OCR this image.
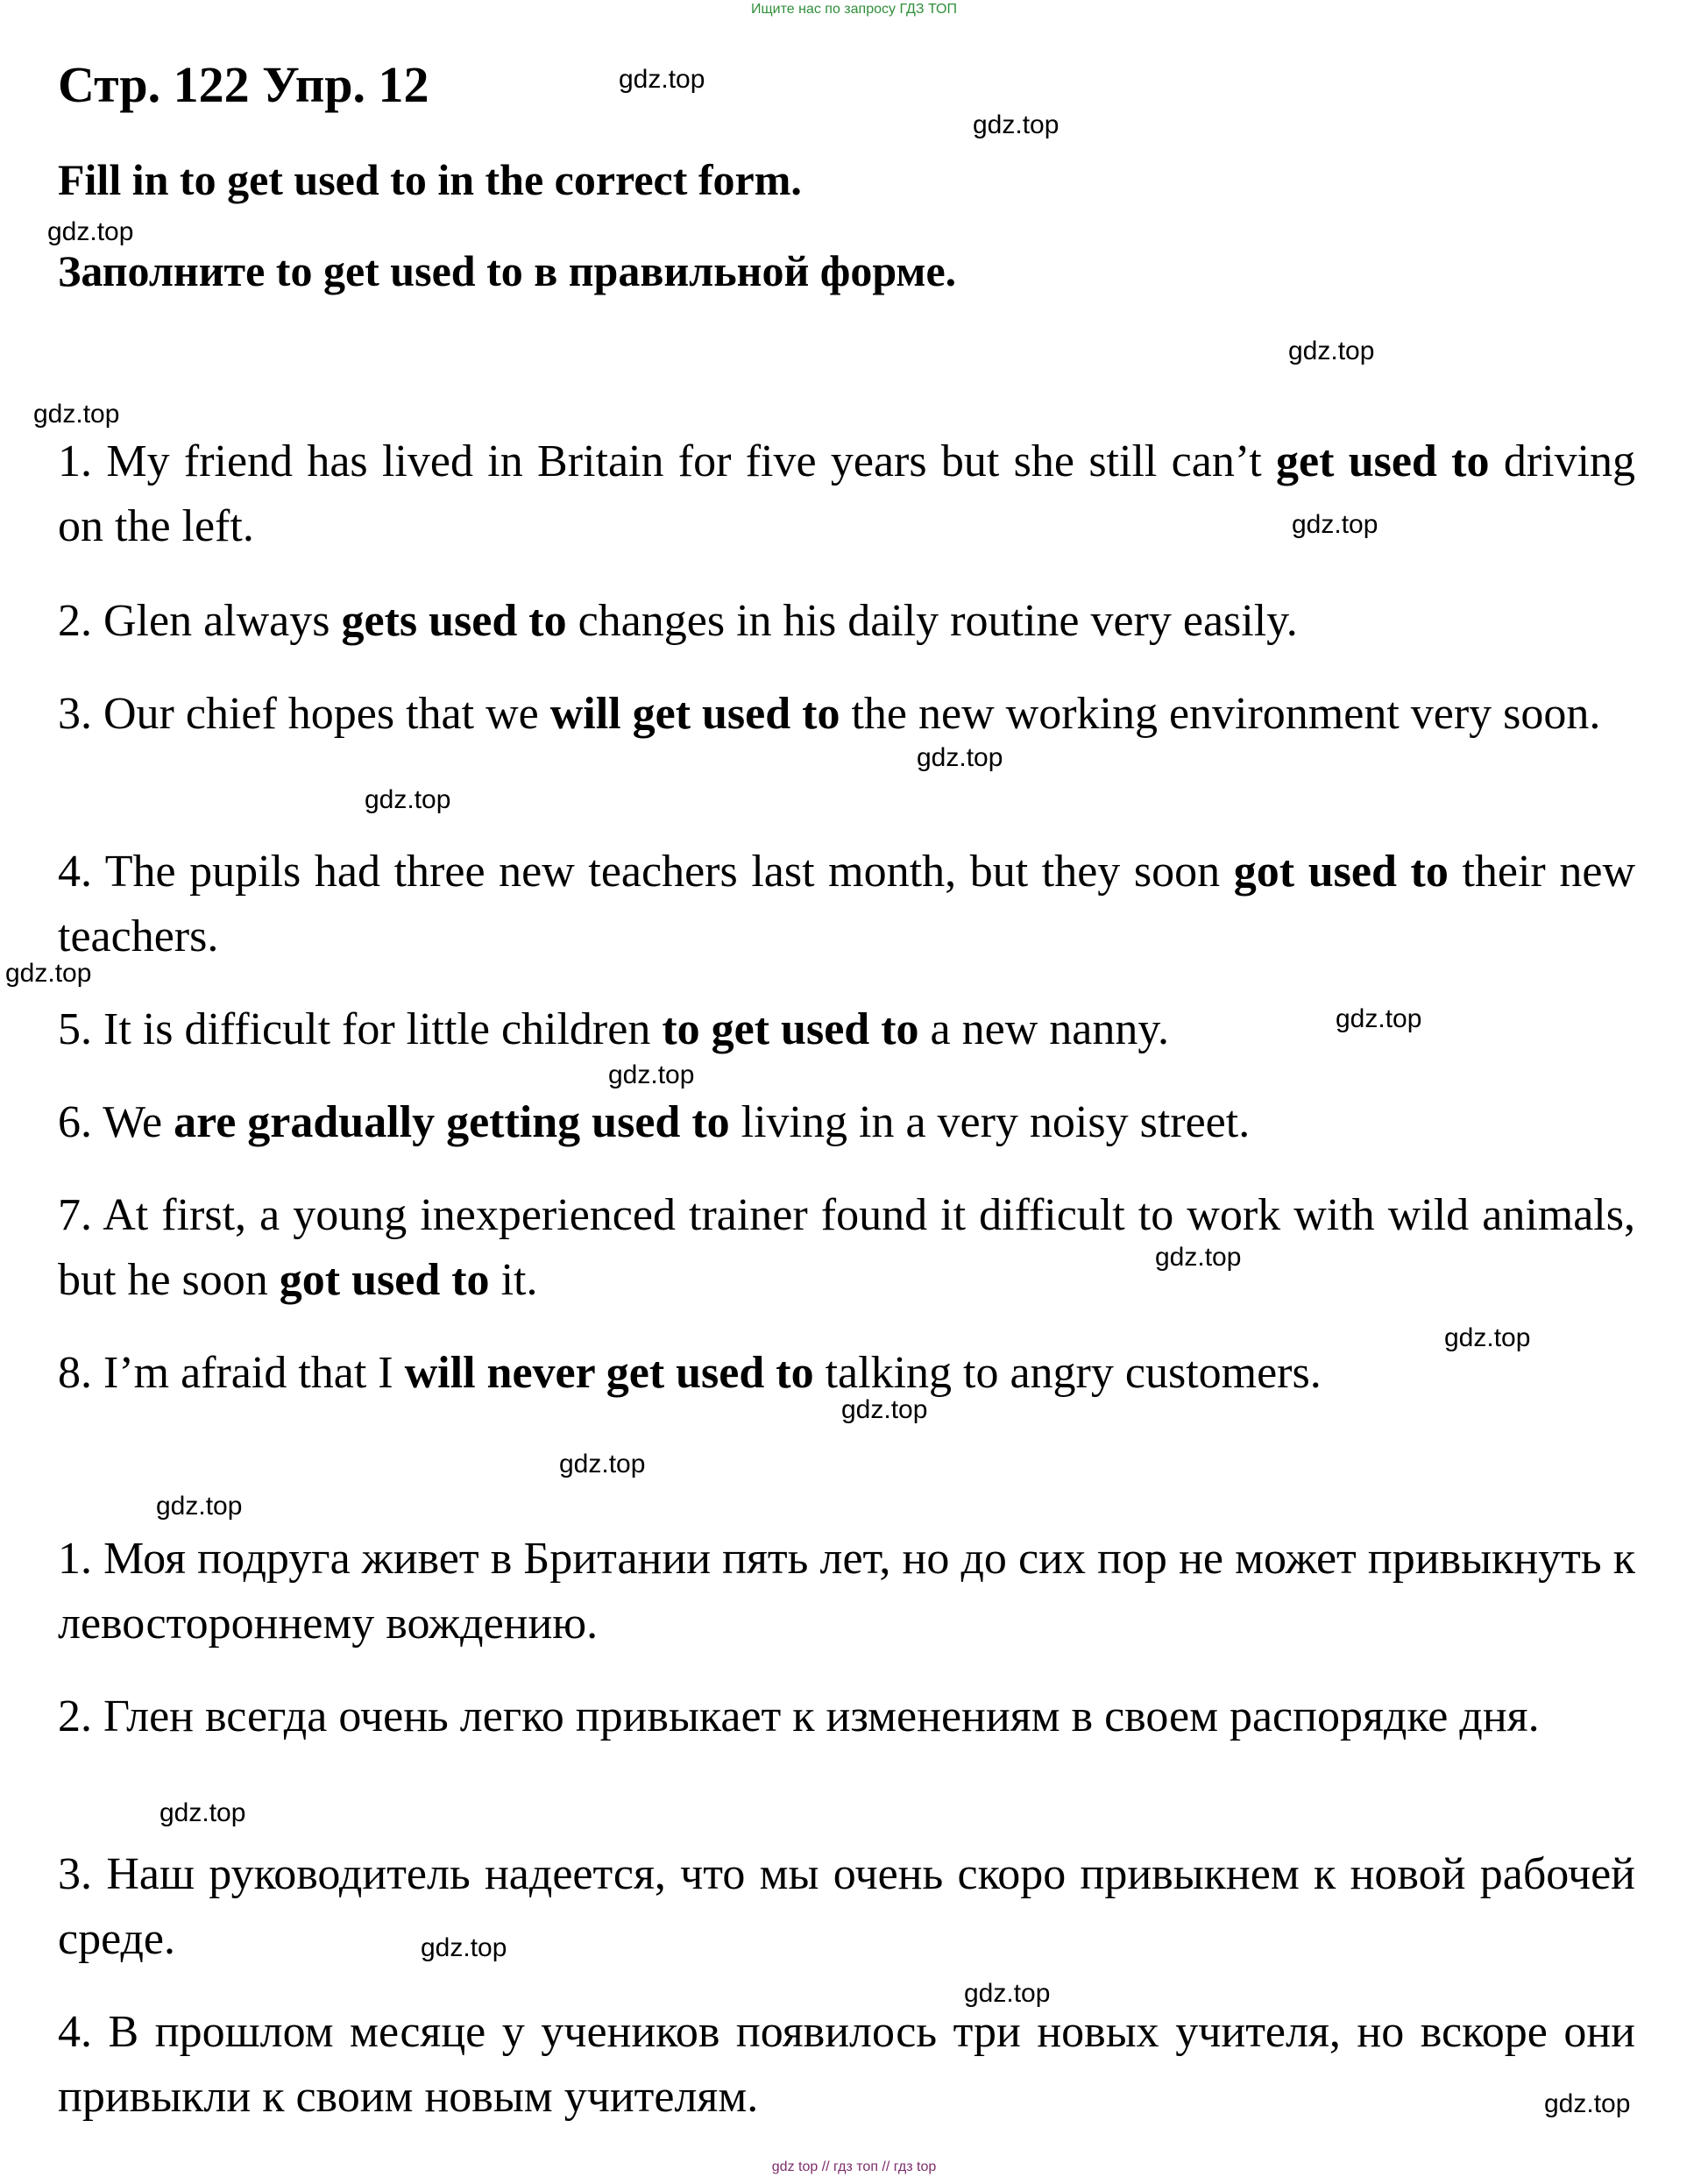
Ищите нас по запросу ГДЗ ТОП
Стр. 122 Упр. 12
Fill in to get used to in the correct form.
Заполните to get used to в правильной форме.
1. My friend has lived in Britain for five years but she still can’t get used to driving on the left.
2. Glen always gets used to changes in his daily routine very easily.
3. Our chief hopes that we will get used to the new working environment very soon.
4. The pupils had three new teachers last month, but they soon got used to their new teachers.
5. It is difficult for little children to get used to a new nanny.
6. We are gradually getting used to living in a very noisy street.
7. At first, a young inexperienced trainer found it difficult to work with wild animals, but he soon got used to it.
8. I’m afraid that I will never get used to talking to angry customers.
1. Моя подруга живет в Британии пять лет, но до сих пор не может привыкнуть к левостороннему вождению.
2. Глен всегда очень легко привыкает к изменениям в своем распорядке дня.
3. Наш руководитель надеется, что мы очень скоро привыкнем к новой рабочей среде.
4. В прошлом месяце у учеников появилось три новых учителя, но вскоре они привыкли к своим новым учителям.
gdz.top
gdz.top
gdz.top
gdz.top
gdz.top
gdz.top
gdz.top
gdz.top
gdz.top
gdz.top
gdz.top
gdz.top
gdz.top
gdz.top
gdz.top
gdz.top
gdz.top
gdz.top
gdz.top
gdz.top
gdz top // гдз топ // гдз top
